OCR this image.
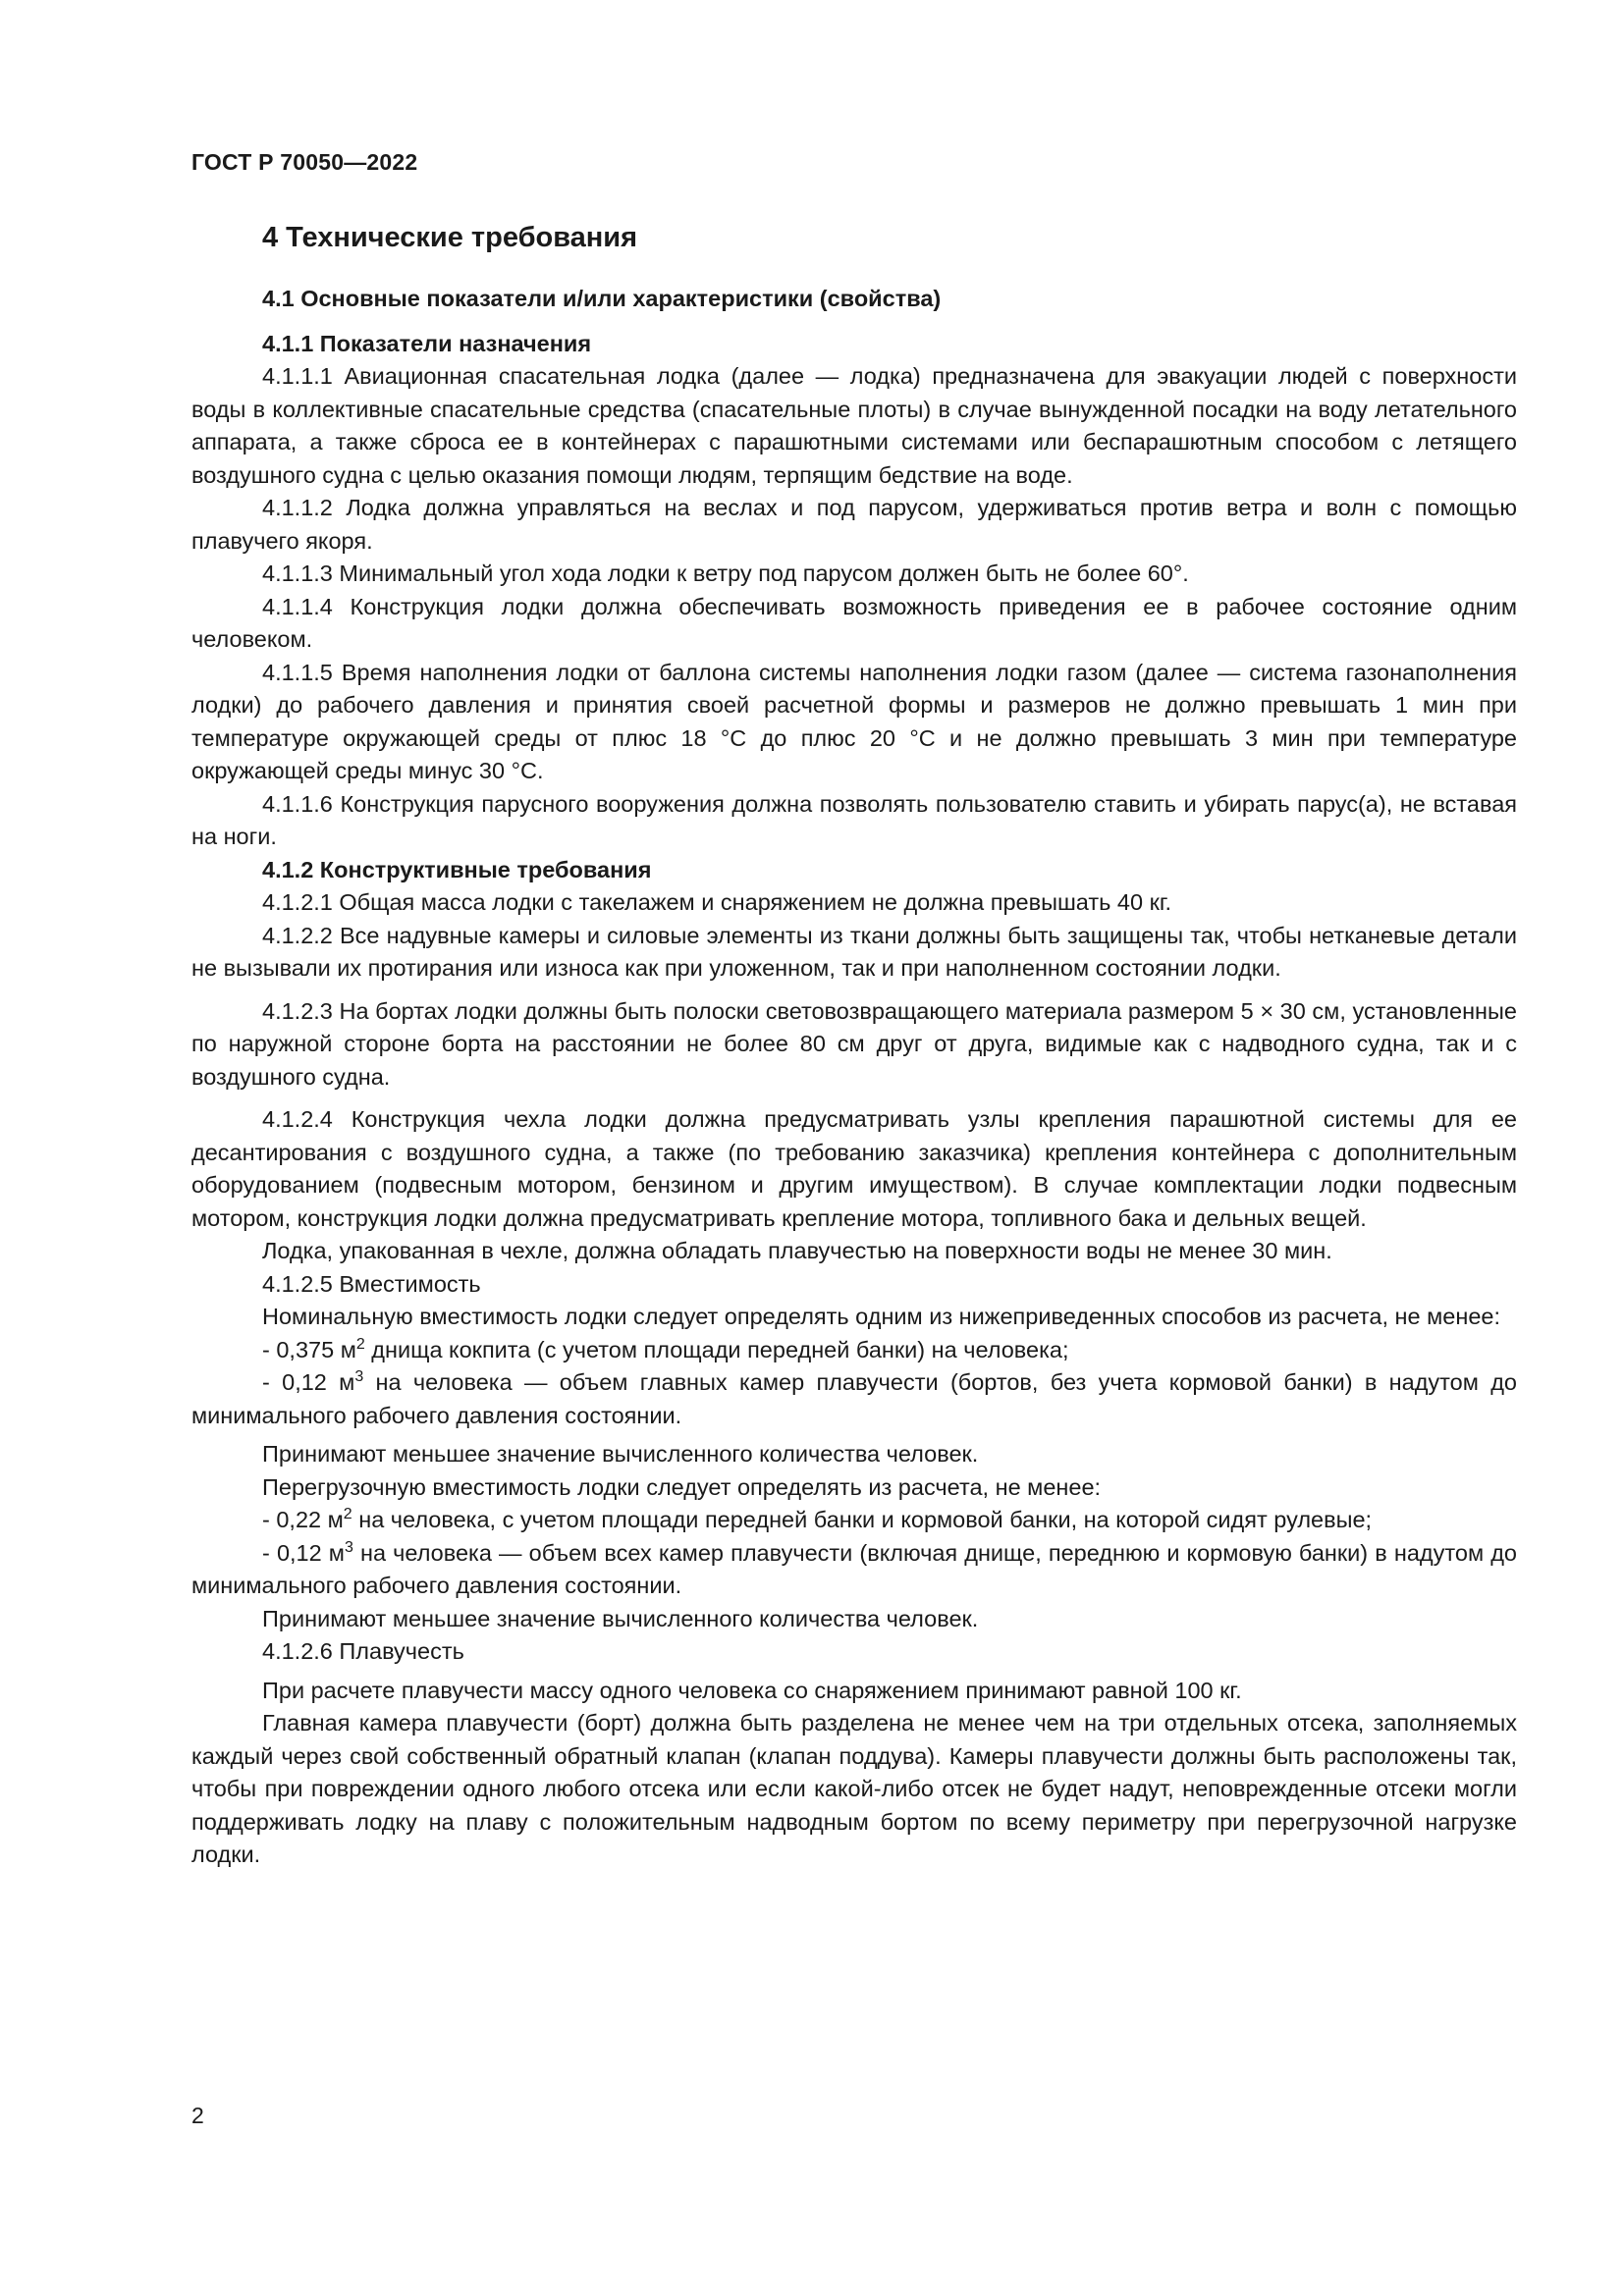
ГОСТ Р 70050—2022
4 Технические требования
4.1 Основные показатели и/или характеристики (свойства)
4.1.1 Показатели назначения

4.1.1.1 Авиационная спасательная лодка (далее — лодка) предназначена для эвакуации людей с поверхности воды в коллективные спасательные средства (спасательные плоты) в случае вынужденной посадки на воду летательного аппарата, а также сброса ее в контейнерах с парашютными системами или беспарашютным способом с летящего воздушного судна с целью оказания помощи людям, терпящим бедствие на воде.

4.1.1.2 Лодка должна управляться на веслах и под парусом, удерживаться против ветра и волн с помощью плавучего якоря.

4.1.1.3 Минимальный угол хода лодки к ветру под парусом должен быть не более 60°.

4.1.1.4 Конструкция лодки должна обеспечивать возможность приведения ее в рабочее состояние одним человеком.

4.1.1.5 Время наполнения лодки от баллона системы наполнения лодки газом (далее — система газонаполнения лодки) до рабочего давления и принятия своей расчетной формы и размеров не должно превышать 1 мин при температуре окружающей среды от плюс 18 °С до плюс 20 °С и не должно превышать 3 мин при температуре окружающей среды минус 30 °С.

4.1.1.6 Конструкция парусного вооружения должна позволять пользователю ставить и убирать парус(а), не вставая на ноги.

4.1.2 Конструктивные требования

4.1.2.1 Общая масса лодки с такелажем и снаряжением не должна превышать 40 кг.

4.1.2.2 Все надувные камеры и силовые элементы из ткани должны быть защищены так, чтобы нетканевые детали не вызывали их протирания или износа как при уложенном, так и при наполненном состоянии лодки.

4.1.2.3 На бортах лодки должны быть полоски световозвращающего материала размером 5 × 30 см, установленные по наружной стороне борта на расстоянии не более 80 см друг от друга, видимые как с надводного судна, так и с воздушного судна.

4.1.2.4 Конструкция чехла лодки должна предусматривать узлы крепления парашютной системы для ее десантирования с воздушного судна, а также (по требованию заказчика) крепления контейнера с дополнительным оборудованием (подвесным мотором, бензином и другим имуществом). В случае комплектации лодки подвесным мотором, конструкция лодки должна предусматривать крепление мотора, топливного бака и дельных вещей.

Лодка, упакованная в чехле, должна обладать плавучестью на поверхности воды не менее 30 мин.

4.1.2.5 Вместимость

Номинальную вместимость лодки следует определять одним из нижеприведенных способов из расчета, не менее:

- 0,375 $м^2$ днища кокпита (с учетом площади передней банки) на человека;

- 0,12 $м^3$ на человека — объем главных камер плавучести (бортов, без учета кормовой банки) в надутом до минимального рабочего давления состоянии.

Принимают меньшее значение вычисленного количества человек.

Перегрузочную вместимость лодки следует определять из расчета, не менее:

- 0,22 $м^2$ на человека, с учетом площади передней банки и кормовой банки, на которой сидят рулевые;

- 0,12 $м^3$ на человека — объем всех камер плавучести (включая днище, переднюю и кормовую банки) в надутом до минимального рабочего давления состоянии.

Принимают меньшее значение вычисленного количества человек.

4.1.2.6 Плавучесть

При расчете плавучести массу одного человека со снаряжением принимают равной 100 кг.

Главная камера плавучести (борт) должна быть разделена не менее чем на три отдельных отсека, заполняемых каждый через свой собственный обратный клапан (клапан поддува). Камеры плавучести должны быть расположены так, чтобы при повреждении одного любого отсека или если какой-либо отсек не будет надут, неповрежденные отсеки могли поддерживать лодку на плаву с положительным надводным бортом по всему периметру при перегрузочной нагрузке лодки.

2
